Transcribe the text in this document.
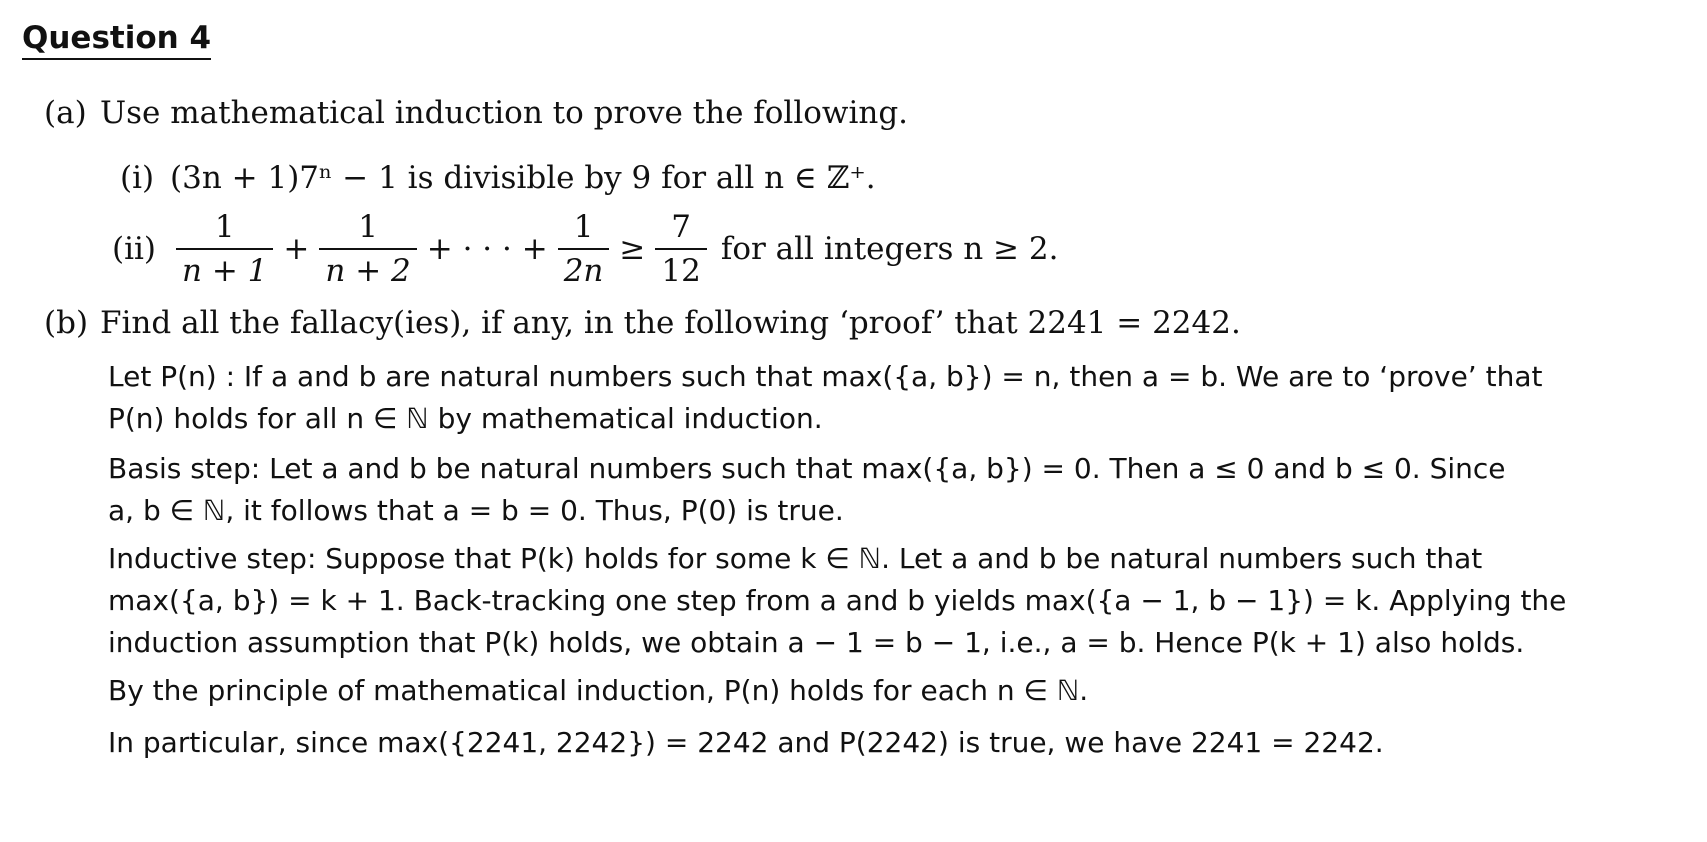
Question 4
(a) Use mathematical induction to prove the following.
(i) (3n + 1)7ⁿ − 1 is divisible by 9 for all n ∈ ℤ⁺.
$(ii) \frac{1}{n + 1} + \frac{1}{n + 2}$ + · · · + $\frac{1}{2n} \ge \frac{7}{12}$ for all integers n ≥ 2.
(b) Find all the fallacy(ies), if any, in the following ‘proof’ that 2241 = 2242.
Let P(n) : If a and b are natural numbers such that max({a, b}) = n, then a = b. We are to ‘prove’ that
P(n) holds for all n ∈ ℕ by mathematical induction.
Basis step: Let a and b be natural numbers such that max({a, b}) = 0. Then a ≤ 0 and b ≤ 0. Since
a, b ∈ ℕ, it follows that a = b = 0. Thus, P(0) is true.
Inductive step: Suppose that P(k) holds for some k ∈ ℕ. Let a and b be natural numbers such that
max({a, b}) = k + 1. Back-tracking one step from a and b yields max({a − 1, b − 1}) = k. Applying the
induction assumption that P(k) holds, we obtain a − 1 = b − 1, i.e., a = b. Hence P(k + 1) also holds.
By the principle of mathematical induction, P(n) holds for each n ∈ ℕ.
In particular, since max({2241, 2242}) = 2242 and P(2242) is true, we have 2241 = 2242.
